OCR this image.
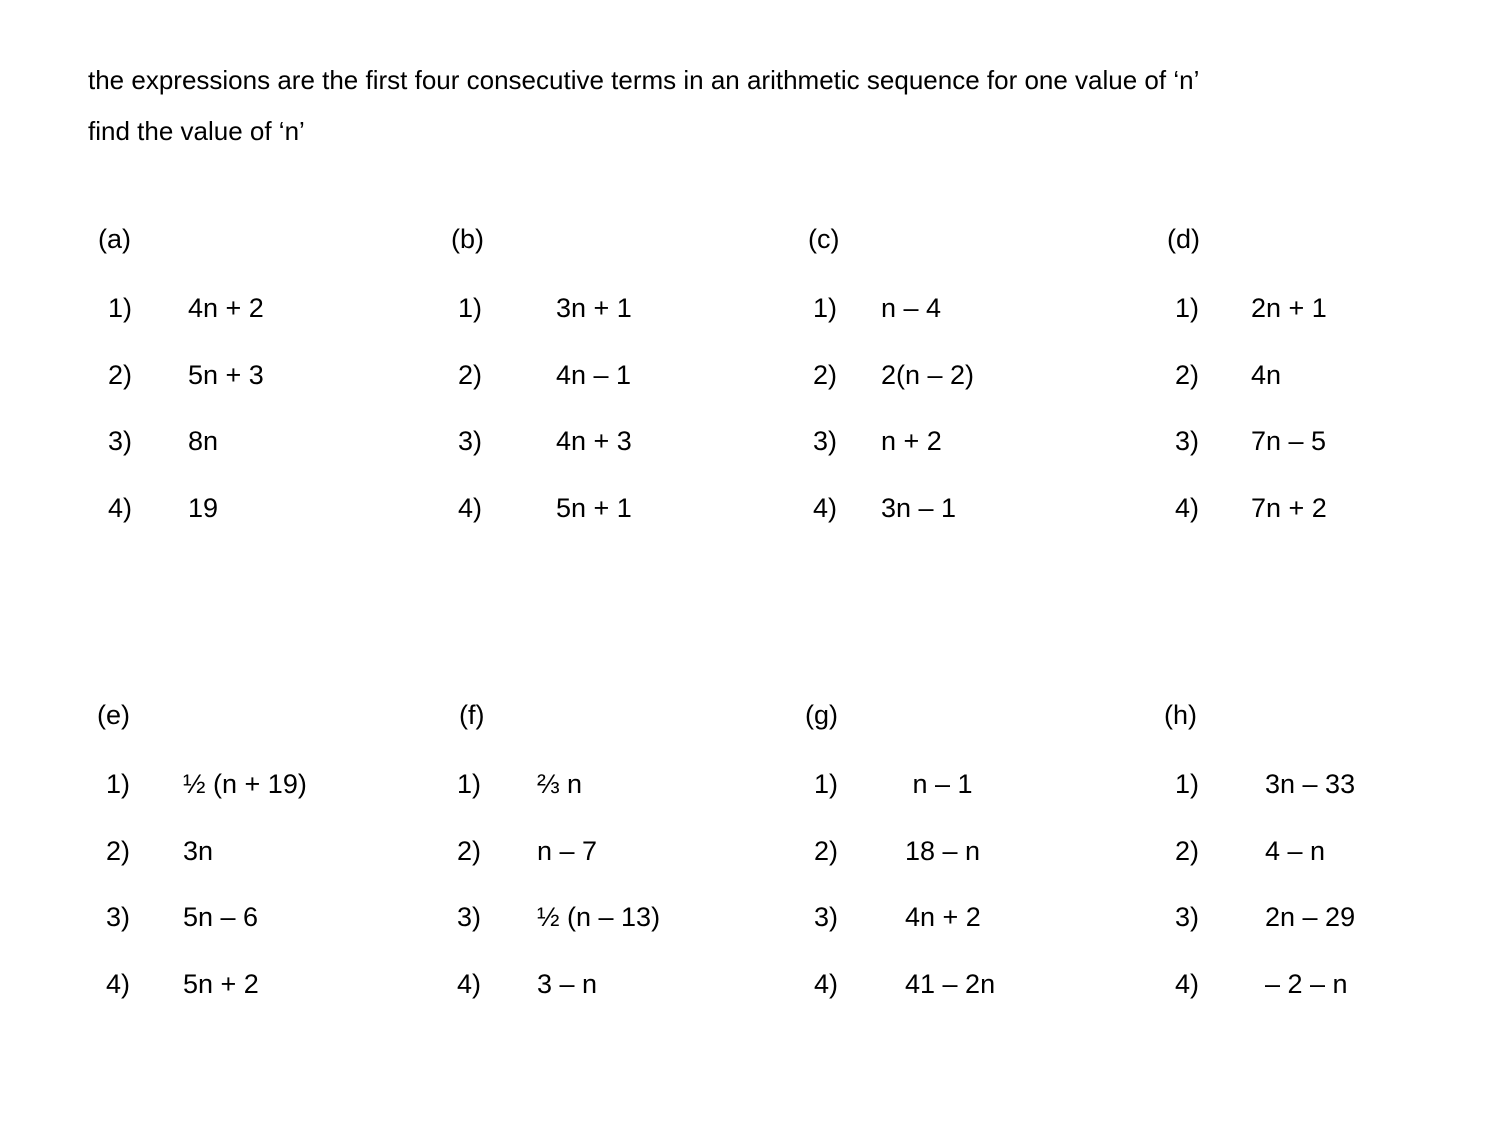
the expressions are the first four consecutive terms in an arithmetic sequence for one value of ‘n’
find the value of ‘n’
(a)
1) 4n + 2
2) 5n + 3
3) 8n
4) 19
(b)
1)	3n + 1
2)	4n – 1
3)	4n + 3
4)	5n + 1
(c)
1) n – 4
2) 2(n – 2)
3) n + 2
4) 3n – 1
(d)
1) 2n + 1
2) 4n
3) 7n – 5
4) 7n + 2
(e)
1) ½ (n + 19)
2) 3n
3) 5n – 6
4) 5n + 2
(f)
1) ⅔ n
2) n – 7
3) ½ (n – 13)
4) 3 – n
(g)
1) n – 1
2) 18 – n
3) 4n + 2
4) 41 – 2n
(h)
1) 3n – 33
2) 4 – n
3) 2n – 29
4) – 2 – n
